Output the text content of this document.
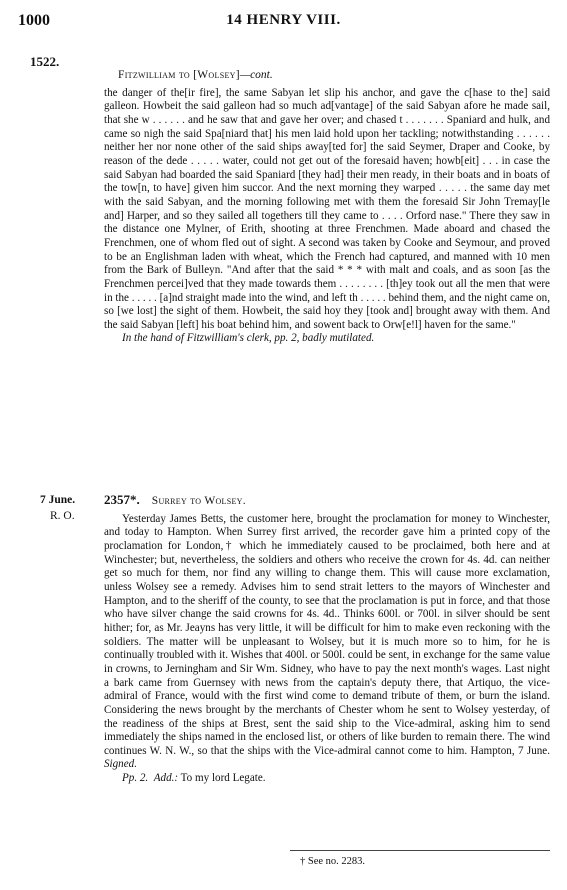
1000	14 HENRY VIII.
1522.
Fitzwilliam to [Wolsey]—cont.

the danger of the[ir fire], the same Sabyan let slip his anchor, and gave the c[hase to the] said galleon. Howbeit the said galleon had so much ad[vantage] of the said Sabyan afore he made sail, that she w . . . . . . and he saw that and gave her over; and chased t . . . . . . . Spaniard and hulk, and came so nigh the said Spa[niard that] his men laid hold upon her tackling; notwithstanding . . . . . . neither her nor none other of the said ships away[ted for] the said Seymer, Draper and Cooke, by reason of the dede . . . . . water, could not get out of the foresaid haven; howb[eit] . . . in case the said Sabyan had boarded the said Spaniard [they had] their men ready, in their boats and in boats of the tow[n, to have] given him succor. And the next morning they warped . . . . . the same day met with the said Sabyan, and the morning following met with them the foresaid Sir John Tremay[le and] Harper, and so they sailed all togethers till they came to . . . . Orford nase." There they saw in the distance one Mylner, of Erith, shooting at three Frenchmen. Made aboard and chased the Frenchmen, one of whom fled out of sight. A second was taken by Cooke and Seymour, and proved to be an Englishman laden with wheat, which the French had captured, and manned with 10 men from the Bark of Bulleyn. "And after that the said * * * with malt and coals, and as soon [as the Frenchmen percei]ved that they made towards them . . . . . . . . [th]ey took out all the men that were in the . . . . . [a]nd straight made into the wind, and left th . . . . . behind them, and the night came on, so [we lost] the sight of them. Howbeit, the said hoy they [took and] brought away with them. And the said Sabyan [left] his boat behind him, and sowent back to Orw[e!l] haven for the same."

In the hand of Fitzwilliam's clerk, pp. 2, badly mutilated.

7 June.
R. O.
2357*. Surrey to Wolsey.

Yesterday James Betts, the customer here, brought the proclamation for money to Winchester, and today to Hampton. When Surrey first arrived, the recorder gave him a printed copy of the proclamation for London,† which he immediately caused to be proclaimed, both here and at Winchester; but, nevertheless, the soldiers and others who receive the crown for 4s. 4d. can neither get so much for them, nor find any willing to change them. This will cause more exclamation, unless Wolsey see a remedy. Advises him to send strait letters to the mayors of Winchester and Hampton, and to the sheriff of the county, to see that the proclamation is put in force, and that those who have silver change the said crowns for 4s. 4d.. Thinks 600l. or 700l. in silver should be sent hither; for, as Mr. Jeayns has very little, it will be difficult for him to make even reckoning with the soldiers. The matter will be unpleasant to Wolsey, but it is much more so to him, for he is continually troubled with it. Wishes that 400l. or 500l. could be sent, in exchange for the same value in crowns, to Jerningham and Sir Wm. Sidney, who have to pay the next month's wages. Last night a bark came from Guernsey with news from the captain's deputy there, that Artiquo, the vice-admiral of France, would with the first wind come to demand tribute of them, or burn the island. Considering the news brought by the merchants of Chester whom he sent to Wolsey yesterday, of the readiness of the ships at Brest, sent the said ship to the Vice-admiral, asking him to send immediately the ships named in the enclosed list, or others of like burden to remain there. The wind continues W. N. W., so that the ships with the Vice-admiral cannot come to him. Hampton, 7 June. Signed.

Pp. 2. Add.: To my lord Legate.

† See no. 2283.
